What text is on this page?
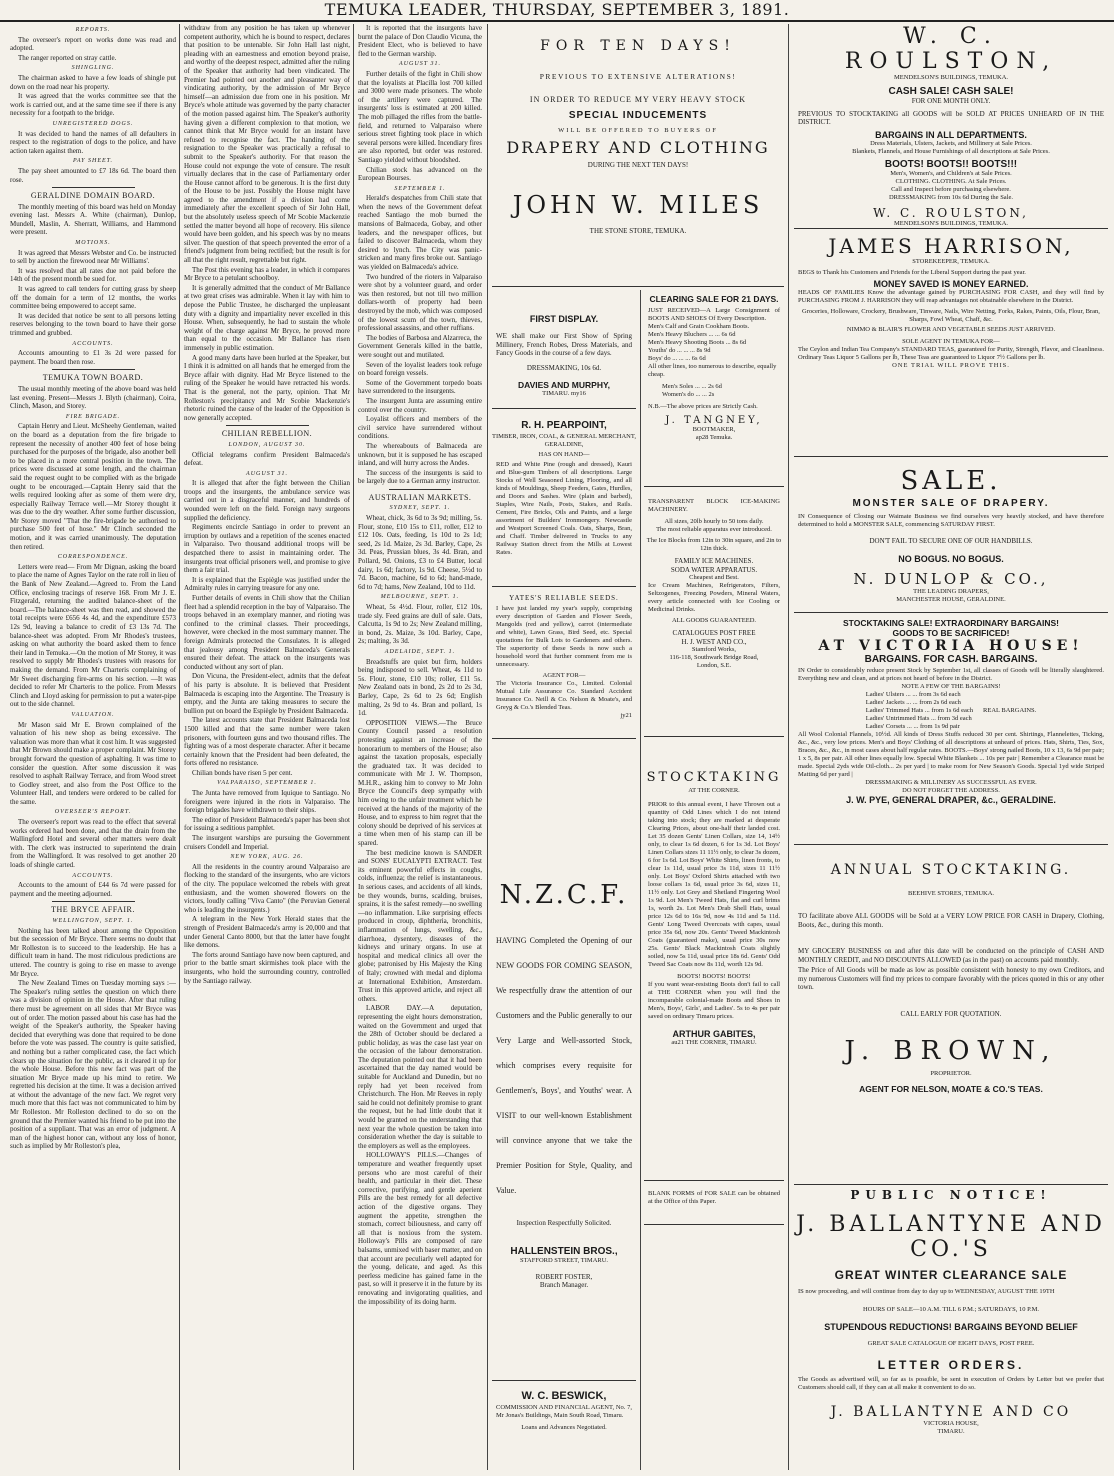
TEMUKA LEADER, THURSDAY, SEPTEMBER 3, 1891.
REPORTS.

The overseer's report on works done was read and adopted.

The ranger reported on stray cattle.

SHINGLING.

The chairman asked to have a few loads of shingle put down on the road near his property.

It was agreed that the works committee see that the work is carried out, and at the same time see if there is any necessity for a footpath to the bridge.

UNREGISTERED DOGS.

It was decided to hand the names of all defaulters in respect to the registration of dogs to the police, and have action taken against them.

PAY SHEET.

The pay sheet amounted to £7 18s 6d. The board then rose.

GERALDINE DOMAIN BOARD.

The monthly meeting of this board was held on Monday evening last. Messrs A. White (chairman), Dunlop, Mundell, Maslin, A. Sherratt, Williams, and Hammond were present.

MOTIONS.

It was agreed that Messrs Webster and Co. be instructed to sell by auction the firewood near Mr Williams'.

It was resolved that all rates due not paid before the 14th of the present month be sued for.

It was agreed to call tenders for cutting grass by sheep off the domain for a term of 12 months, the works committee being empowered to accept same.

It was decided that notice be sent to all persons letting reserves belonging to the town board to have their gorse trimmed and grubbed.

ACCOUNTS.

Accounts amounting to £1 3s 2d were passed for payment. The board then rose.

TEMUKA TOWN BOARD.

The usual monthly meeting of the above board was held last evening. Present—Messrs J. Blyth (chairman), Coira, Clinch, Mason, and Storey.

FIRE BRIGADE.

Captain Henry and Lieut. McSheehy Gentleman, waited on the board as a deputation from the fire brigade to represent the necessity of another 400 feet of hose being purchased for the purposes of the brigade, also another bell to be placed in a more central position in the town. The prices were discussed at some length, and the chairman said the request ought to be complied with as the brigade ought to be encouraged.—Captain Henry said that the wells required looking after as some of them were dry, especially Railway Terrace well.—Mr Storey thought it was due to the dry weather. After some further discussion, Mr Storey moved "That the fire-brigade be authorised to purchase 500 feet of hose." Mr Clinch seconded the motion, and it was carried unanimously. The deputation then retired.

CORRESPONDENCE.

Letters were read— From Mr Dignan, asking the board to place the name of Agnes Taylor on the rate roll in lieu of the Bank of New Zealand.—Agreed to. From the Land Office, enclosing tracings of reserve 168. From Mr J. E. Fitzgerald, returning the audited balance-sheet of the board.—The balance-sheet was then read, and showed the total receipts were £656 4s 4d, and the expenditure £573 12s 9d, leaving a balance to credit of £3 13s 7d. The balance-sheet was adopted. From Mr Rhodes's trustees, asking on what authority the board asked them to fence their land in Temuka.—On the motion of Mr Storey, it was resolved to supply Mr Rhodes's trustees with reasons for making the demand. From Mr Charteris complaining of Mr Sweet discharging fire-arms on his section. —It was decided to refer Mr Charteris to the police. From Messrs Clinch and Lloyd asking for permission to put a water-pipe out to the side channel.

VALUATION.

Mr Mason said Mr E. Brown complained of the valuation of his new shop as being excessive. The valuation was more than what it cost him. It was suggested that Mr Brown should make a proper complaint. Mr Storey brought forward the question of asphalting. It was time to consider the question. After some discussion it was resolved to asphalt Railway Terrace, and from Wood street to Godley street, and also from the Post Office to the Volunteer Hall, and tenders were ordered to be called for the same.

OVERSEER'S REPORT.

The overseer's report was read to the effect that several works ordered had been done, and that the drain from the Wallingford Hotel and several other matters were dealt with. The clerk was instructed to superintend the drain from the Wallingford. It was resolved to get another 20 loads of shingle carted.

ACCOUNTS.

Accounts to the amount of £44 6s 7d were passed for payment and the meeting adjourned.

THE BRYCE AFFAIR.
WELLINGTON, SEPT. 1.

Nothing has been talked about among the Opposition but the secession of Mr Bryce. There seems no doubt that Mr Rolleston is to succeed to the leadership. He has a difficult team in hand. The most ridiculous predictions are uttered. The country is going to rise en masse to avenge Mr Bryce.

The New Zealand Times on Tuesday morning says :—The Speaker's ruling settles the question on which there was a division of opinion in the House. After that ruling there must be agreement on all sides that Mr Bryce was out of order. The motion passed about his case has had the weight of the Speaker's authority, the Speaker having decided that everything was done that required to be done before the vote was passed. The country is quite satisfied, and nothing but a rather complicated case, the fact which clears up the situation for the public, as it cleared it up for the whole House. Before this new fact was part of the situation Mr Bryce made up his mind to retire. We regretted his decision at the time. It was a decision arrived at without the advantage of the new fact. We regret very much more that this fact was not communicated to him by Mr Rolleston. Mr Rolleston declined to do so on the ground that the Premier wanted his friend to be put into the position of a suppliant. That was an error of judgment. A man of the highest honor can, without any loss of honor, such as implied by Mr Rolleston's plea,

withdraw from any position he has taken up whenever competent authority, which he is bound to respect, declares that position to be untenable. Sir John Hall last night, pleading with an earnestness and emotion beyond praise, and worthy of the deepest respect, admitted after the ruling of the Speaker that authority had been vindicated. The Premier had pointed out another and pleasanter way of vindicating authority, by the admission of Mr Bryce himself—an admission due from one in his position. Mr Bryce's whole attitude was governed by the party character of the motion passed against him. The Speaker's authority having given a different complexion to that motion, we cannot think that Mr Bryce would for an instant have refused to recognise the fact. The handing of the resignation to the Speaker was practically a refusal to submit to the Speaker's authority. For that reason the House could not expunge the vote of censure. The result virtually declares that in the case of Parliamentary order the House cannot afford to be generous. It is the first duty of the House to be just. Possibly the House might have agreed to the amendment if a division had come immediately after the excellent speech of Sir John Hall, but the absolutely useless speech of Mr Scobie Mackenzie settled the matter beyond all hope of recovery. His silence would have been golden, and his speech was by no means silver. The question of that speech prevented the error of a friend's judgment from being rectified; but the result is for all that the right result, regrettable but right.

The Post this evening has a leader, in which it compares Mr Bryce to a petulant schoolboy.

It is generally admitted that the conduct of Mr Ballance at two great crises was admirable. When it lay with him to depose the Public Trustee, he discharged the unpleasant duty with a dignity and impartiality never excelled in this House. When, subsequently, he had to sustain the whole weight of the charge against Mr Bryce, he proved more than equal to the occasion. Mr Ballance has risen immensely in public estimation.

A good many darts have been hurled at the Speaker, but I think it is admitted on all hands that he emerged from the Bryce affair with dignity. Had Mr Bryce listened to the ruling of the Speaker he would have retracted his words. That is the general, not the party, opinion. That Mr Rolleston's precipitancy and Mr Scobie Mackenzie's rhetoric ruined the cause of the leader of the Opposition is now generally accepted.

CHILIAN REBELLION.
LONDON, AUGUST 30.

Official telegrams confirm President Balmaceda's defeat.

AUGUST 31.

It is alleged that after the fight between the Chilian troops and the insurgents, the ambulance service was carried out in a disgraceful manner, and hundreds of wounded were left on the field. Foreign navy surgeons supplied the deficiency.

Regiments encircle Santiago in order to prevent an irruption by outlaws and a repetition of the scenes enacted in Valparaiso. Two thousand additional troops will be despatched there to assist in maintaining order. The insurgents treat official prisoners well, and promise to give them a fair trial.

It is explained that the Espiègle was justified under the Admiralty rules in carrying treasure for any one.

Further details of events in Chili show that the Chilian fleet had a splendid reception in the bay of Valparaiso. The troops behaved in an exemplary manner, and rioting was confined to the criminal classes. Their proceedings, however, were checked in the most summary manner. The foreign Admirals protected the Consulates. It is alleged that jealousy among President Balmaceda's Generals ensured their defeat. The attack on the insurgents was conducted without any sort of plan.

Don Vicuna, the President-elect, admits that the defeat of his party is absolute. It is believed that President Balmaceda is escaping into the Argentine. The Treasury is empty, and the Junta are taking measures to secure the bullion put on board the Espiègle by President Balmaceda.

The latest accounts state that President Balmaceda lost 1500 killed and that the same number were taken prisoners, with fourteen guns and two thousand rifles. The fighting was of a most desperate character. After it became certainly known that the President had been defeated, the forts offered no resistance.

Chilian bonds have risen 5 per cent.

VALPARAISO, SEPTEMBER 1.

The Junta have removed from Iquique to Santiago. No foreigners were injured in the riots in Valparaiso. The foreign brigades have withdrawn to their ships.

The editor of President Balmaceda's paper has been shot for issuing a seditious pamphlet.

The insurgent warships are pursuing the Government cruisers Condell and Imperial.

NEW YORK, AUG. 26.

All the residents in the country around Valparaiso are flocking to the standard of the insurgents, who are victors of the city. The populace welcomed the rebels with great enthusiasm, and the women showered flowers on the victors, loudly calling "Viva Canto" (the Peruvian General who is leading the insurgents.)

A telegram in the New York Herald states that the strength of President Balmaceda's army is 20,000 and that under General Canto 8000, but that the latter have fought like demons.

The forts around Santiago have now been captured, and prior to the battle smart skirmishes took place with the insurgents, who hold the surrounding country, controlled by the Santiago railway.

It is reported that the insurgents have burnt the palace of Don Claudio Vicuna, the President Elect, who is believed to have fled to the German warship.

AUGUST 31.

Further details of the fight in Chili show that the loyalists at Placilla lost 700 killed and 3000 were made prisoners. The whole of the artillery were captured. The insurgents' loss is estimated at 200 killed. The mob pillaged the rifles from the battle-field, and returned to Valparaiso where serious street fighting took place in which several persons were killed. Incendiary fires are also reported, but order was restored. Santiago yielded without bloodshed.

Chilian stock has advanced on the European Bourses.

SEPTEMBER 1.

Herald's despatches from Chili state that when the news of the Government defeat reached Santiago the mob burned the mansions of Balmaceda, Gobay, and other leaders, and the newspaper offices, but failed to discover Balmaceda, whom they desired to lynch. The City was panic-stricken and many fires broke out. Santiago was yielded on Balmaceda's advice.

Two hundred of the rioters in Valparaiso were shot by a volunteer guard, and order was then restored, but not till two million dollars-worth of property had been destroyed by the mob, which was composed of the lowest scum of the town, thieves, professional assassins, and other ruffians.

The bodies of Barbosa and Alzarreca, the Government Generals killed in the battle, were sought out and mutilated.

Seven of the loyalist leaders took refuge on board foreign vessels.

Some of the Government torpedo boats have surrendered to the insurgents.

The insurgent Junta are assuming entire control over the country.

Loyalist officers and members of the civil service have surrendered without conditions.

The whereabouts of Balmaceda are unknown, but it is supposed he has escaped inland, and will hurry across the Andes.

The success of the insurgents is said to be largely due to a German army instructor.

AUSTRALIAN MARKETS.
SYDNEY, SEPT. 1.

Wheat, chick, 3s 6d to 3s 9d; milling, 5s. Flour, stone, £10 15s to £11, roller, £12 to £12 10s. Oats, feeding, 1s 10d to 2s 1d; seed, 2s 1d. Maize, 2s 3d. Barley, Cape, 2s 3d. Peas, Prussian blues, 3s 4d. Bran, and Pollard, 9d. Onions, £3 to £4 Butter, local dairy, 1s 6d; factory, 1s 9d. Cheese, 5½d to 7d. Bacon, machine, 6d to 6d; hand-made, 6d to 7d; hams, New Zealand, 10d to 11d.

MELBOURNE, SEPT. 1.

Wheat, 5s 4½d. Flour, roller, £12 10s, trade sly. Feed grains are dull of sale. Oats, Calcutta, 1s 9d to 2s; New Zealand milling, in bond, 2s. Maize, 3s 10d. Barley, Cape, 2s; malting, 3s 3d.

ADELAIDE, SEPT. 1.

Breadstuffs are quiet but firm, holders being indisposed to sell. Wheat, 4s 11d to 5s. Flour, stone, £10 10s; roller, £11 5s. New Zealand oats in bond, 2s 2d to 2s 3d, Barley, Cape, 2s 6d to 2s 6d; English malting, 2s 9d to 4s. Bran and pollard, 1s 1d.

OPPOSITION VIEWS.—The Bruce County Council passed a resolution protesting against an increase of the honorarium to members of the House; also against the taxation proposals, especially the graduated tax. It was decided to communicate with Mr J. W. Thompson, M.H.R., asking him to convey to Mr John Bryce the Council's deep sympathy with him owing to the unfair treatment which he received at the hands of the majority of the House, and to express to him regret that the colony should be deprived of his services at a time when men of his stamp can ill be spared.

The best medicine known is SANDER and SONS' EUCALYPTI EXTRACT. Test its eminent powerful effects in coughs, colds, influenza; the relief is instantaneous. In serious cases, and accidents of all kinds, be they wounds, burns, scalding, bruises, sprains, it is the safest remedy—no swelling—no inflammation. Like surprising effects produced in croup, diphtheria, bronchitis, inflammation of lungs, swelling, &c., diarrhoea, dysentery, diseases of the kidneys and urinary organs. In use at hospital and medical clinics all over the globe; patronised by His Majesty the King of Italy; crowned with medal and diploma at International Exhibition, Amsterdam. Trust in this approved article, and reject all others.

LABOR DAY.—A deputation, representing the eight hours demonstration, waited on the Government and urged that the 28th of October should be declared a public holiday, as was the case last year on the occasion of the labour demonstration. The deputation pointed out that it had been ascertained that the day named would be suitable for Auckland and Dunedin, but no reply had yet been received from Christchurch. The Hon. Mr Reeves in reply said he could not definitely promise to grant the request, but he had little doubt that it would be granted on the understanding that next year the whole question be taken into consideration whether the day is suitable to the employers as well as the employees.

HOLLOWAY'S PILLS.—Changes of temperature and weather frequently upset persons who are most careful of their health, and particular in their diet. These corrective, purifying, and gentle aperient Pills are the best remedy for all defective action of the digestive organs. They augment the appetite, strengthen the stomach, correct biliousness, and carry off all that is noxious from the system. Holloway's Pills are composed of rare balsams, unmixed with baser matter, and on that account are peculiarly well adapted for the young, delicate, and aged. As this peerless medicine has gained fame in the past, so will it preserve it in the future by its renovating and invigorating qualities, and the impossibility of its doing harm.

FOR TEN DAYS!
PREVIOUS TO EXTENSIVE ALTERATIONS!
IN ORDER TO REDUCE MY VERY HEAVY STOCK
SPECIAL INDUCEMENTS
WILL BE OFFERED TO BUYERS OF
DRAPERY AND CLOTHING
DURING THE NEXT TEN DAYS!
JOHN W. MILES
THE STONE STORE, TEMUKA.
FIRST DISPLAY.
WE shall make our First Show of Spring Millinery, French Robes, Dress Materials, and Fancy Goods in the course of a few days.
DRESSMAKING, 10s 6d.
DAVIES AND MURPHY,
TIMARU. my16
R. H. PEARPOINT,
TIMBER, IRON, COAL, & GENERAL MERCHANT, GERALDINE,
HAS ON HAND—
RED and White Pine (rough and dressed), Kauri and Blue-gum Timbers of all descriptions. Large Stocks of Well Seasoned Lining, Flooring, and all kinds of Mouldings, Sheep Feeders, Gates, Hurdles, and Doors and Sashes. Wire (plain and barbed), Staples, Wire Nails, Posts, Stakes, and Rails. Cement, Fire Bricks, Oils and Paints, and a large assortment of Builders' Ironmongery. Newcastle and Westport Screened Coals. Oats, Sharps, Bran, and Chaff. Timber delivered in Trucks to any Railway Station direct from the Mills at Lowest Rates.
YATES'S RELIABLE SEEDS.
I have just landed my year's supply, comprising every description of Garden and Flower Seeds, Mangolds (red and yellow), carrot (intermediate and white), Lawn Grass, Bird Seed, etc. Special quotations for Bulk Lots to Gardeners and others. The superiority of these Seeds is now such a household word that further comment from me is unnecessary.
AGENT FOR—
The Victoria Insurance Co., Limited. Colonial Mutual Life Assurance Co. Standard Accident Insurance Co. Neill & Co. Nelson & Moate's, and Greyg & Co.'s Blended Teas.
jy21
N.Z.C.F.
HAVING Completed the Opening of our NEW GOODS FOR COMING SEASON, We respectfully draw the attention of our Customers and the Public generally to our Very Large and Well-assorted Stock, which comprises every requisite for Gentlemen's, Boys', and Youths' wear. A VISIT to our well-known Establishment will convince anyone that we take the Premier Position for Style, Quality, and Value.
Inspection Respectfully Solicited.
HALLENSTEIN BROS.,
STAFFORD STREET, TIMARU.
ROBERT FOSTER,
Branch Manager.
W. C. BESWICK,
COMMISSION AND FINANCIAL AGENT, No. 7, Mr Jonas's Buildings, Main South Road, Timaru.
Loans and Advances Negotiated.
CLEARING SALE FOR 21 DAYS.
JUST RECEIVED—A Large Consignment of BOOTS AND SHOES Of Every Description.
Men's Calf and Grain Cookham Boots.
Men's Heavy Bluchers ... ... 6s 6d
Men's Heavy Shooting Boots ... 8s 6d
Youths' do ... ... ... 8s 9d
Boys' do ... ... ... 6s 6d
All other lines, too numerous to describe, equally cheap.
Men's Soles ... ... 2s 6d
Women's do ... ... 2s
N.B.—The above prices are Strictly Cash.
J. TANGNEY,
BOOTMAKER,
ap28 Temuka.
TRANSPARENT BLOCK ICE-MAKING MACHINERY.
All sizes, 20lb hourly to 50 tons daily.
The most reliable apparatus ever introduced.
The Ice Blocks from 12in to 30in square, and 2in to 12in thick.
FAMILY ICE MACHINES.
SODA WATER APPARATUS.
Cheapest and Best.
Ice Cream Machines, Refrigerators, Filters, Seltzogenes, Freezing Powders, Mineral Waters, every article connected with Ice Cooling or Medicinal Drinks.
ALL GOODS GUARANTEED.
CATALOGUES POST FREE
H. J. WEST AND CO.,
Stamford Works,
116-118, Southwark Bridge Road,
London, S.E.
STOCKTAKING
AT THE CORNER.
PRIOR to this annual event, I have Thrown out a quantity of Odd Lines which I do not intend taking into stock; they are marked at desperate Clearing Prices, about one-half their landed cost. Let 35 dozen Gents' Linen Collars, size 14, 14½ only, to clear 1s 6d dozen, 6 for 1s 3d. Lot Boys' Linen Collars sizes 11 11½ only, to clear 3s dozen, 6 for 1s 6d. Lot Boys' White Shirts, linen fronts, to clear 1s 11d, usual price 3s 11d, sizes 11 11½ only. Lot Boys' Oxford Shirts attached with two loose collars 1s 6d, usual price 3s 6d, sizes 11, 11½ only. Lot Grey and Shetland Fingering Wool 1s 9d. Lot Men's Tweed Hats, flat and curl brims 1s, worth 2s. Lot Men's Drab Shell Hats, usual price 12s 6d to 16s 9d, now 4s 11d and 5s 11d. Gents' Long Tweed Overcoats with capes, usual price 35s 6d, now 20s. Gents' Tweed Mackintosh Coats (guaranteed make), usual price 30s now 25s. Gents' Black Mackintosh Coats slightly soiled, now 5s 11d, usual price 18s 6d. Gents' Odd Tweed Sac Coats now 8s 11d, worth 12s 9d.
BOOTS! BOOTS! BOOTS!
If you want wear-resisting Boots don't fail to call at THE CORNER when you will find the incomparable colonial-made Boots and Shoes in Men's, Boys', Girls', and Ladies'. 5s to 4s per pair saved on ordinary Timaru prices.
ARTHUR GABITES,
au21 THE CORNER, TIMARU.
BLANK FORMS of FOR SALE can be obtained at the Office of this Paper.
W. C. ROULSTON,
MENDELSON'S BUILDINGS, TEMUKA.
CASH SALE! CASH SALE!
FOR ONE MONTH ONLY.
PREVIOUS TO STOCKTAKING all GOODS will be SOLD AT PRICES UNHEARD OF IN THE DISTRICT.
BARGAINS IN ALL DEPARTMENTS.
Dress Materials, Ulsters, Jackets, and Millinery at Sale Prices.
Blankets, Flannels, and House Furnishings of all descriptions at Sale Prices.
BOOTS! BOOTS!! BOOTS!!!
Men's, Women's, and Children's at Sale Prices.
CLOTHING. CLOTHING. At Sale Prices.
Call and Inspect before purchasing elsewhere.
DRESSMAKING from 10s 6d During the Sale.
W. C. ROULSTON,
MENDELSON'S BUILDINGS, TEMUKA.
JAMES HARRISON,
STOREKEEPER, TEMUKA.
BEGS to Thank his Customers and Friends for the Liberal Support during the past year.
MONEY SAVED IS MONEY EARNED.
HEADS OF FAMILIES Know the advantage gained by PURCHASING FOR CASH, and they will find by PURCHASING FROM J. HARRISON they will reap advantages not obtainable elsewhere in the District.
Groceries, Holloware, Crockery, Brushware, Tinware, Nails, Wire Netting, Forks, Rakes, Paints, Oils, Flour, Bran, Sharps, Fowl Wheat, Chaff, &c.
NIMMO & BLAIR'S FLOWER AND VEGETABLE SEEDS JUST ARRIVED.
SOLE AGENT IN TEMUKA FOR—
The Ceylon and Indian Tea Company's STANDARD TEAS, guaranteed for Purity, Strength, Flavor, and Cleanliness. Ordinary Teas Liquor 5 Gallons per lb, These Teas are guaranteed to Liquor 7½ Gallons per lb.
ONE TRIAL WILL PROVE THIS.
SALE.
MONSTER SALE OF DRAPERY.
IN Consequence of Closing our Waimate Business we find ourselves very heavily stocked, and have therefore determined to hold a MONSTER SALE, commencing SATURDAY FIRST.
DON'T FAIL TO SECURE ONE OF OUR HANDBILLS.
NO BOGUS. NO BOGUS.
N. DUNLOP & CO.,
THE LEADING DRAPERS,
MANCHESTER HOUSE, GERALDINE.
STOCKTAKING SALE! EXTRAORDINARY BARGAINS!
GOODS TO BE SACRIFICED!
AT VICTORIA HOUSE!
BARGAINS. FOR CASH. BARGAINS.
IN Order to considerably reduce present Stock by September 1st, all classes of Goods will be literally slaughtered. Everything new and clean, and at prices not heard of before in the District.
NOTE A FEW OF THE BARGAINS!
Ladies' Ulsters ... ... from 3s 6d each
Ladies' Jackets ... ... from 2s 6d each
Ladies' Trimmed Hats ... from 1s 6d each
Ladies' Untrimmed Hats ... from 3d each
Ladies' Corsets ... ... from 1s 9d pair
REAL BARGAINS.
All Wool Colonial Flannels, 10½d. All kinds of Dress Stuffs reduced 30 per cent. Shirtings, Flannelettes, Ticking, &c., &c., very low prices. Men's and Boys' Clothing of all descriptions at unheard of prices. Hats, Shirts, Ties, Sox, Braces, &c., &c., in most cases about half regular rates. BOOTS.—Boys' strong nailed Boots, 10 x 13, 6s 9d per pair; 1 x 5, 8s per pair. All other lines equally low. Special White Blankets ... 10s per pair | Remember a Clearance must be made. Special 2yds wide Oil-cloth... 2s per yard | to make room for New Season's Goods. Special 1yd wide Striped Matting 6d per yard |
DRESSMAKING & MILLINERY AS SUCCESSFUL AS EVER.
DO NOT FORGET THE ADDRESS.
J. W. PYE, GENERAL DRAPER, &c., GERALDINE.
ANNUAL STOCKTAKING.
BEEHIVE STORES, TEMUKA.
TO facilitate above ALL GOODS will be Sold at a VERY LOW PRICE FOR CASH in Drapery, Clothing, Boots, &c., during this month.
MY GROCERY BUSINESS on and after this date will be conducted on the principle of CASH AND MONTHLY CREDIT, and NO DISCOUNTS ALLOWED (as in the past) on accounts paid monthly.
The Price of All Goods will be made as low as possible consistent with honesty to my own Creditors, and my numerous Customers will find my prices to compare favorably with the prices quoted in this or any other town.
CALL EARLY FOR QUOTATION.
J. BROWN,
PROPRIETOR.
AGENT FOR NELSON, MOATE & CO.'S TEAS.
PUBLIC NOTICE!
J. BALLANTYNE AND CO.'S
GREAT WINTER CLEARANCE SALE
IS now proceeding, and will continue from day to day up to WEDNESDAY, AUGUST THE 19TH
HOURS OF SALE—10 A.M. TILL 6 P.M.; SATURDAYS, 10 P.M.
STUPENDOUS REDUCTIONS! BARGAINS BEYOND BELIEF
GREAT SALE CATALOGUE OF EIGHT DAYS, POST FREE.
LETTER ORDERS.
The Goods as advertised will, so far as is possible, be sent in execution of Orders by Letter but we prefer that Customers should call, if they can at all make it convenient to do so.
J. BALLANTYNE AND CO
VICTORIA HOUSE,
TIMARU.
